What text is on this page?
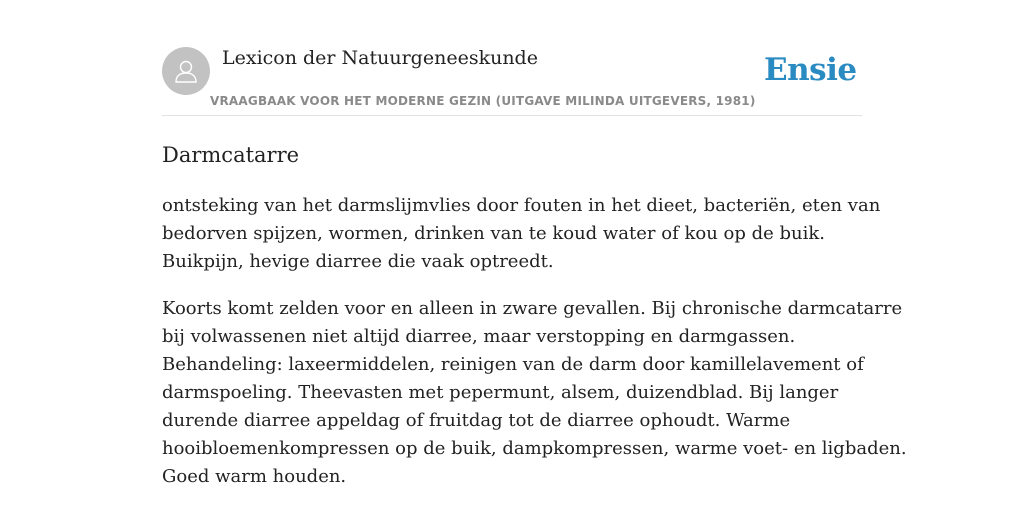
Lexicon der Natuurgeneeskunde
VRAAGBAAK VOOR HET MODERNE GEZIN (UITGAVE MILINDA UITGEVERS, 1981)
Ensie
Darmcatarre

ontsteking van het darmslijmvlies door fouten in het dieet, bacteriën, eten van
bedorven spijzen, wormen, drinken van te koud water of kou op de buik.
Buikpijn, hevige diarree die vaak optreedt.

Koorts komt zelden voor en alleen in zware gevallen. Bij chronische darmcatarre
bij volwassenen niet altijd diarree, maar verstopping en darmgassen.
Behandeling: laxeermiddelen, reinigen van de darm door kamillelavement of
darmspoeling. Theevasten met pepermunt, alsem, duizendblad. Bij langer
durende diarree appeldag of fruitdag tot de diarree ophoudt. Warme
hooibloemenkompressen op de buik, dampkompressen, warme voet- en ligbaden.
Goed warm houden.
